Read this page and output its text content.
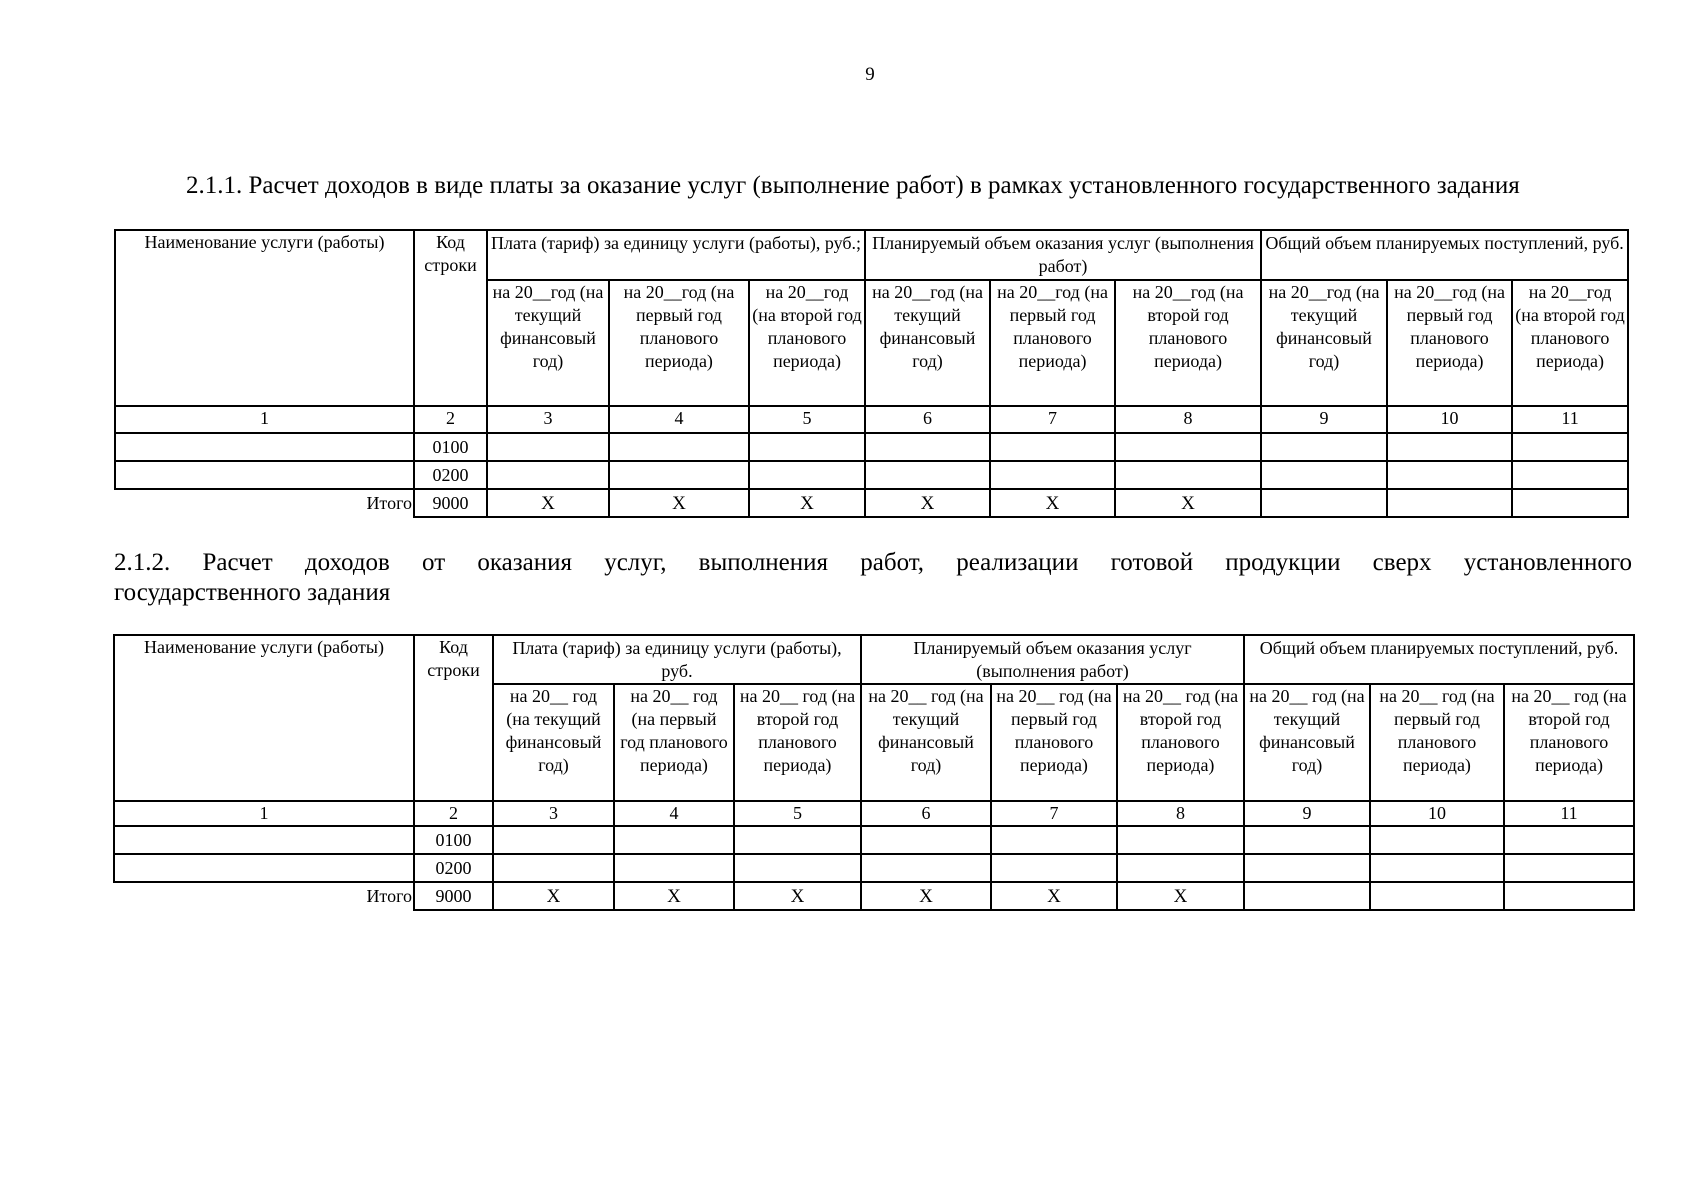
9
2.1.1. Расчет доходов в виде платы за оказание услуг (выполнение работ) в рамках установленного государственного задания
Наименование услуги (работы)	Код строки	Плата (тариф) за единицу услуги (работы), руб.;			Планируемый объем оказания услуг (выполнения работ)			Общий объем планируемых поступлений, руб.		
		на 20__год (на текущий финансовый год)	на 20__год (на первый год планового периода)	на 20__год (на второй год планового периода)	на 20__год (на текущий финансовый год)	на 20__год (на первый год планового периода)	на 20__год (на второй год планового периода)	на 20__год (на текущий финансовый год)	на 20__год (на первый год планового периода)	на 20__год (на второй год планового периода)
1	2	3	4	5	6	7	8	9	10	11
	0100									
	0200									
Итого	9000	X	X	X	X	X	X			
2.1.2. Расчет доходов от оказания услуг, выполнения работ, реализации готовой продукции сверх установленного
государственного задания
Наименование услуги (работы)	Код строки	Плата (тариф) за единицу услуги (работы), руб.			Планируемый объем оказания услуг (выполнения работ)			Общий объем планируемых поступлений, руб.		
		на 20__ год (на текущий финансовый год)	на 20__ год (на первый год планового периода)	на 20__ год (на второй год планового периода)	на 20__ год (на текущий финансовый год)	на 20__ год (на первый год планового периода)	на 20__ год (на второй год планового периода)	на 20__ год (на текущий финансовый год)	на 20__ год (на первый год планового периода)	на 20__ год (на второй год планового периода)
1	2	3	4	5	6	7	8	9	10	11
	0100									
	0200									
Итого	9000	X	X	X	X	X	X			
